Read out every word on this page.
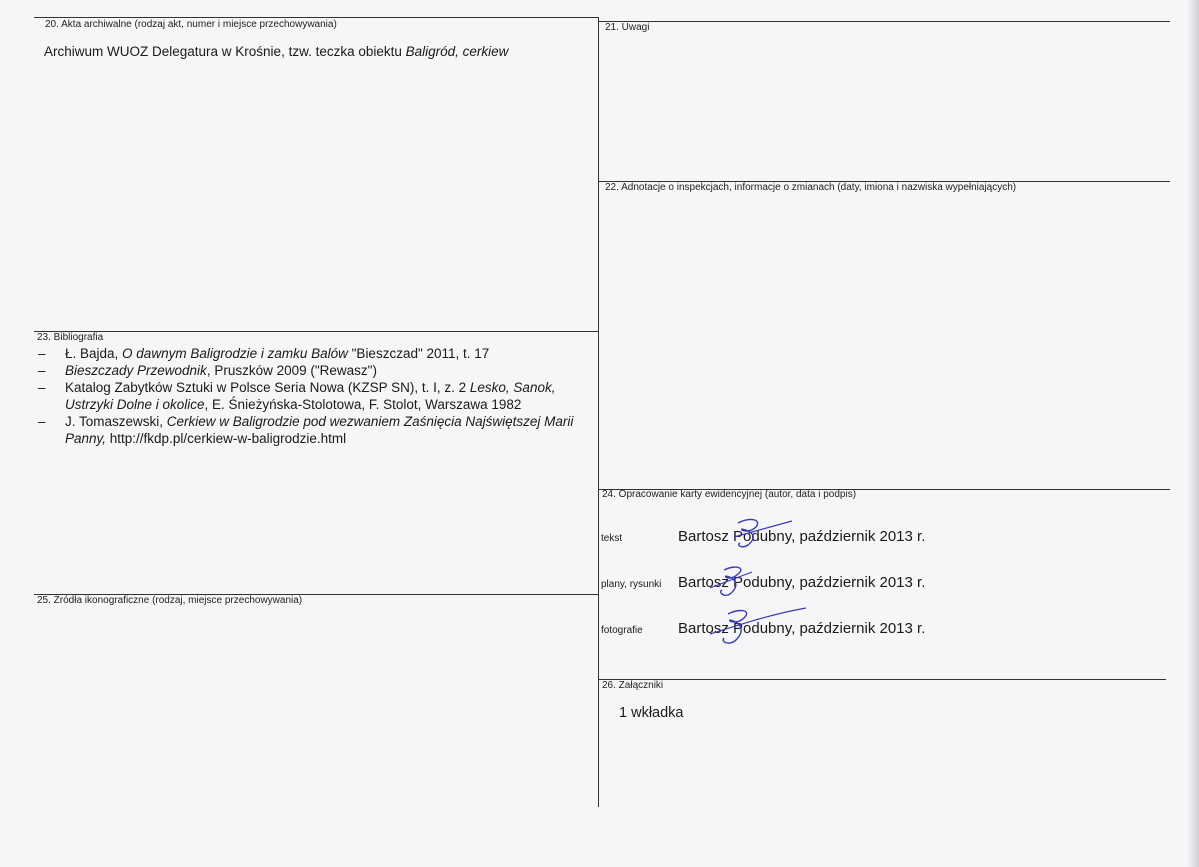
20. Akta archiwalne (rodzaj akt, numer i miejsce przechowywania)
Archiwum WUOZ Delegatura w Krośnie, tzw. teczka obiektu Baligród, cerkiew
21. Uwagi
22. Adnotacje o inspekcjach, informacje o zmianach (daty, imiona i nazwiska wypełniających)
23. Bibliografia
–	Ł. Bajda, O dawnym Baligrodzie i zamku Balów "Bieszczad" 2011, t. 17
–	Bieszczady Przewodnik, Pruszków 2009 ("Rewasz")
–	Katalog Zabytków Sztuki w Polsce Seria Nowa (KZSP SN), t. I, z. 2 Lesko, Sanok, Ustrzyki Dolne i okolice, E. Śnieżyńska-Stolotowa, F. Stolot, Warszawa 1982
–	J. Tomaszewski, Cerkiew w Baligrodzie pod wezwaniem Zaśnięcia Najświętszej Marii Panny, http://fkdp.pl/cerkiew-w-baligrodzie.html
24. Opracowanie karty ewidencyjnej (autor, data i podpis)
tekst	Bartosz Podubny, październik 2013 r.
plany, rysunki Bartosz Podubny, październik 2013 r.
fotografie Bartosz Podubny, październik 2013 r.
25. Źródła ikonograficzne (rodzaj, miejsce przechowywania)
26. Załączniki
1 wkładka
